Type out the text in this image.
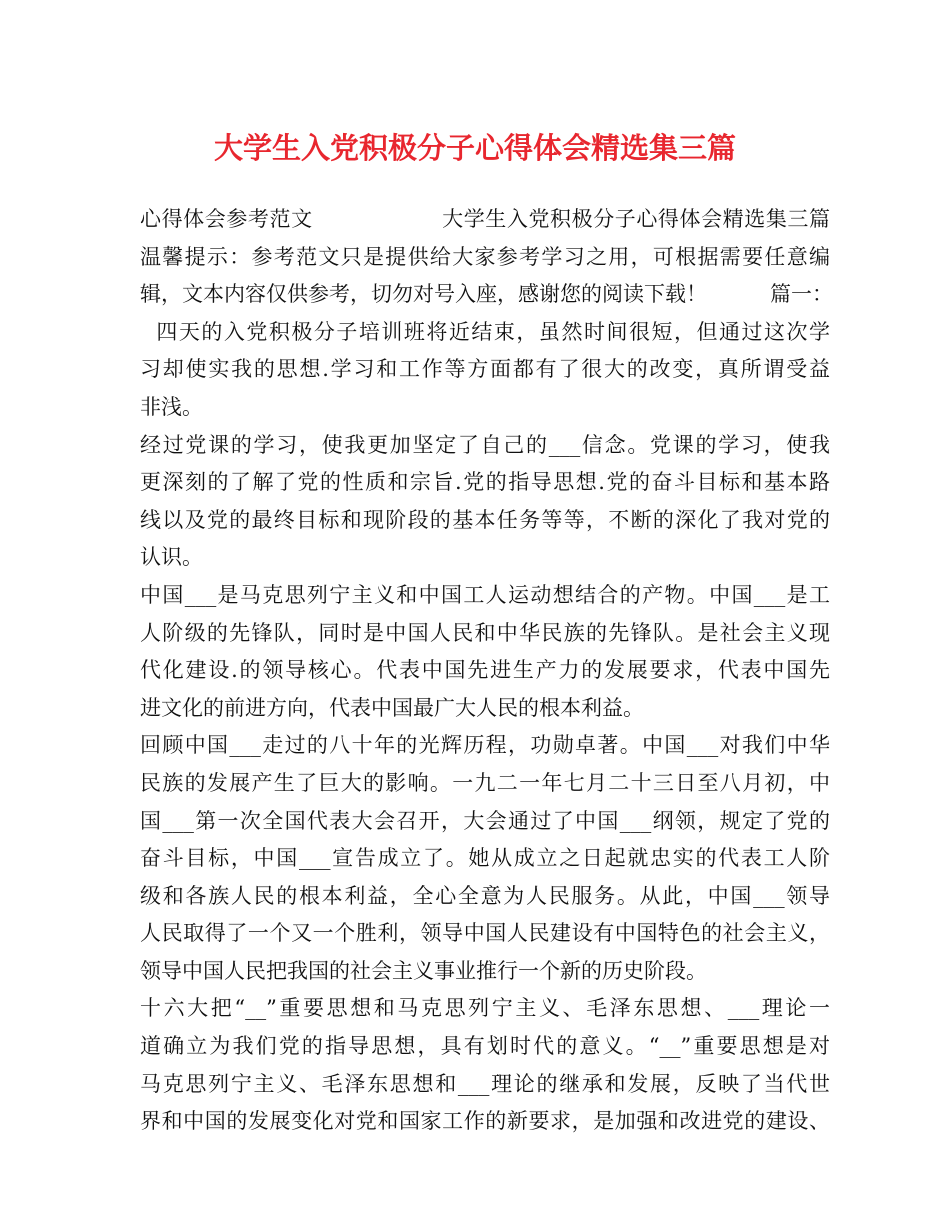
大学生入党积极分子心得体会精选集三篇
心得体会参考范文　　　　　　大学生入党积极分子心得体会精选集三篇
温馨提示：参考范文只是提供给大家参考学习之用，可根据需要任意编
辑，文本内容仅供参考，切勿对号入座，感谢您的阅读下载！　　　篇一：
四天的入党积极分子培训班将近结束，虽然时间很短，但通过这次学
习却使实我的思想.学习和工作等方面都有了很大的改变，真所谓受益
非浅。
经过党课的学习，使我更加坚定了自己的___信念。党课的学习，使我
更深刻的了解了党的性质和宗旨.党的指导思想.党的奋斗目标和基本路
线以及党的最终目标和现阶段的基本任务等等，不断的深化了我对党的
认识。
中国___是马克思列宁主义和中国工人运动想结合的产物。中国___是工
人阶级的先锋队，同时是中国人民和中华民族的先锋队。是社会主义现
代化建设.的领导核心。代表中国先进生产力的发展要求，代表中国先
进文化的前进方向，代表中国最广大人民的根本利益。
回顾中国___走过的八十年的光辉历程，功勋卓著。中国___对我们中华
民族的发展产生了巨大的影响。一九二一年七月二十三日至八月初，中
国___第一次全国代表大会召开，大会通过了中国___纲领，规定了党的
奋斗目标，中国___宣告成立了。她从成立之日起就忠实的代表工人阶
级和各族人民的根本利益，全心全意为人民服务。从此，中国___领导
人民取得了一个又一个胜利，领导中国人民建设有中国特色的社会主义，
领导中国人民把我国的社会主义事业推行一个新的历史阶段。
十六大把“__”重要思想和马克思列宁主义、毛泽东思想、___理论一
道确立为我们党的指导思想，具有划时代的意义。“__”重要思想是对
马克思列宁主义、毛泽东思想和___理论的继承和发展，反映了当代世
界和中国的发展变化对党和国家工作的新要求，是加强和改进党的建设、
